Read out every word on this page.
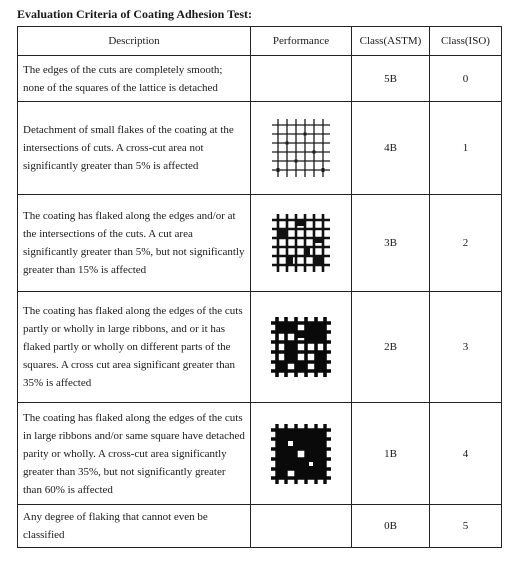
Evaluation Criteria of Coating Adhesion Test:
Description	Performance	Class(ASTM)	Class(ISO)
The edges of the cuts are completely smooth; none of the squares of the lattice is detached		5B	0
Detachment of small flakes of the coating at the intersections of cuts. A cross-cut area not significantly greater than 5% is affected		4B	1
The coating has flaked along the edges and/or at the intersections of the cuts. A cut area significantly greater than 5%, but not significantly greater than 15% is affected		3B	2
The coating has flaked along the edges of the cuts partly or wholly in large ribbons, and or it has flaked partly or wholly on different parts of the squares. A cross cut area significant greater than 35% is affected		2B	3
The coating has flaked along the edges of the cuts in large ribbons and/or same square have detached parity or wholly. A cross-cut area significantly greater than 35%, but not significantly greater than 60% is affected		1B	4
Any degree of flaking that cannot even be classified		0B	5
